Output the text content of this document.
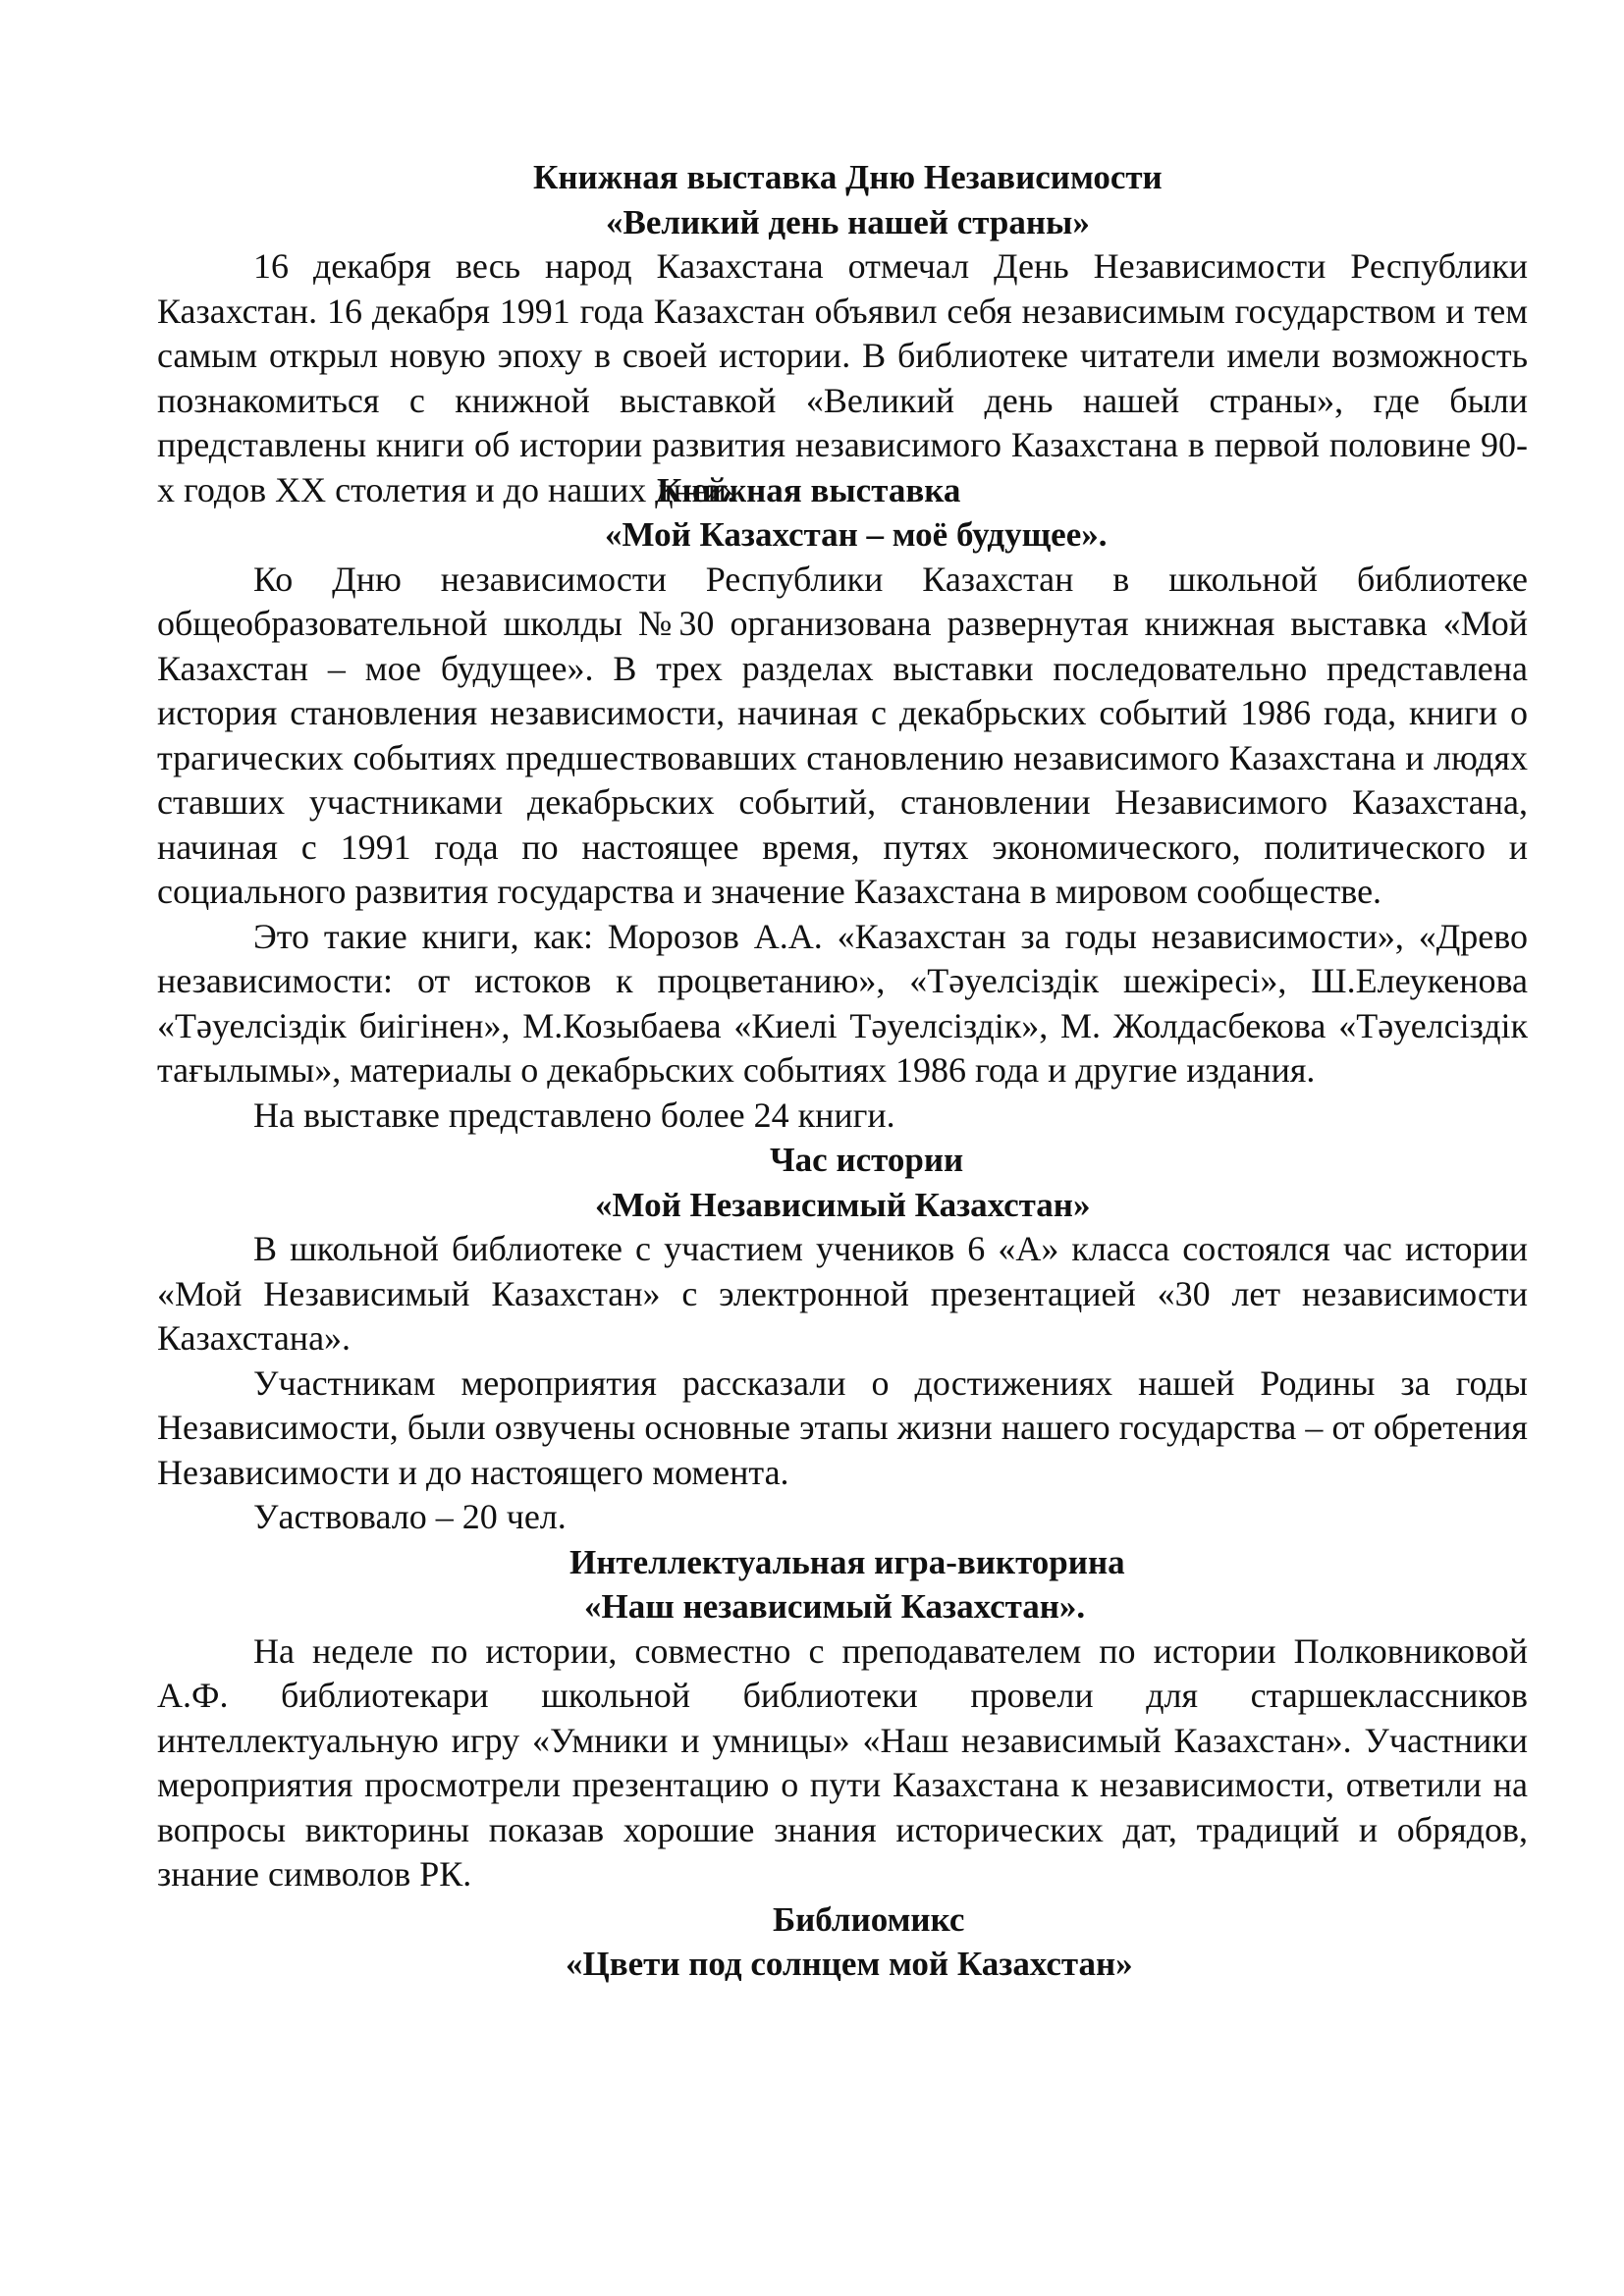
Книжная выставка Дню Независимости
«Великий день нашей страны»

16 декабря весь народ Казахстана отмечал День Независимости Республики Казахстан. 16 декабря 1991 года Казахстан объявил себя независимым государством и тем самым открыл новую эпоху в своей истории. В библиотеке читатели имели возможность познакомиться с книжной выставкой «Великий день нашей страны», где были представлены книги об истории развития независимого Казахстана в первой половине 90-х годов XX столетия и до наших дней.

Книжная выставка
«Мой Казахстан – моё будущее».

Ко Дню независимости Республики Казахстан в школьной библиотеке общеобразовательной школды №30 организована развернутая книжная выставка «Мой Казахстан – мое будущее». В трех разделах выставки последовательно представлена история становления независимости, начиная с декабрьских событий 1986 года, книги о трагических событиях предшествовавших становлению независимого Казахстана и людях ставших участниками декабрьских событий, становлении Независимого Казахстана, начиная с 1991 года по настоящее время, путях экономического, политического и социального развития государства и значение Казахстана в мировом сообществе.

Это такие книги, как: Морозов А.А. «Казахстан за годы независимости», «Древо независимости: от истоков к процветанию», «Тәуелсіздік шежіресі», Ш.Елеукенова «Тәуелсіздік биігінен», М.Козыбаева «Киелі Тәуелсіздік», М. Жолдасбекова «Тәуелсіздік тағылымы», материалы о декабрьских событиях 1986 года и другие издания.

На выставке представлено более 24 книги.

Час истории
«Мой Независимый Казахстан»

В школьной библиотеке с участием учеников 6 «А» класса состоялся час истории «Мой Независимый Казахстан» с электронной презентацией «30 лет независимости Казахстана».

Участникам мероприятия рассказали о достижениях нашей Родины за годы Независимости, были озвучены основные этапы жизни нашего государства – от обретения Независимости и до настоящего момента.

Уаствовало – 20 чел.

Интеллектуальная игра-викторина
«Наш независимый Казахстан».

На неделе по истории, совместно с преподавателем по истории Полковниковой А.Ф. библиотекари школьной библиотеки провели для старшеклассников интеллектуальную игру «Умники и умницы» «Наш независимый Казахстан». Участники мероприятия просмотрели презентацию о пути Казахстана к независимости, ответили на вопросы викторины показав хорошие знания исторических дат, традиций и обрядов, знание символов РК.

Библиомикс
«Цвети под солнцем мой Казахстан»
